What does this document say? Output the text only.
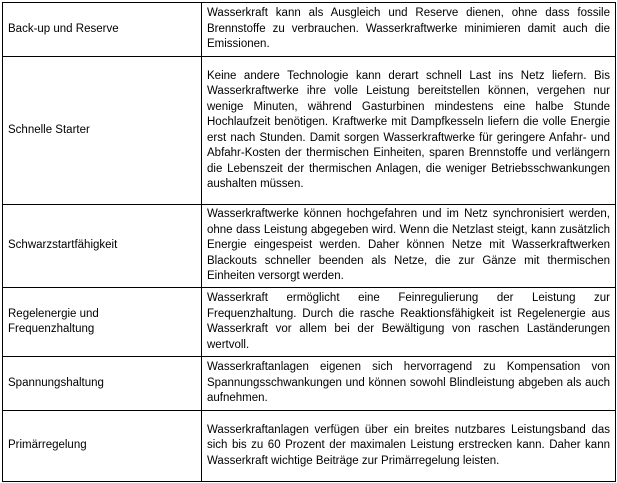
Back-up und Reserve	Wasserkraft kann als Ausgleich und Reserve dienen, ohne dass fossile Brennstoffe zu verbrauchen. Wasserkraftwerke minimieren damit auch die Emissionen.
Schnelle Starter	Keine andere Technologie kann derart schnell Last ins Netz liefern. Bis Wasserkraftwerke ihre volle Leistung bereitstellen können, vergehen nur wenige Minuten, während Gasturbinen mindestens eine halbe Stunde Hochlaufzeit benötigen. Kraftwerke mit Dampfkesseln liefern die volle Energie erst nach Stunden. Damit sorgen Wasserkraftwerke für geringere Anfahr- und Abfahr-Kosten der thermischen Einheiten, sparen Brennstoffe und verlängern die Lebenszeit der thermischen Anlagen, die weniger Betriebsschwankungen aushalten müssen.
Schwarzstartfähigkeit	Wasserkraftwerke können hochgefahren und im Netz synchronisiert werden, ohne dass Leistung abgegeben wird. Wenn die Netzlast steigt, kann zusätzlich Energie eingespeist werden. Daher können Netze mit Wasserkraftwerken Blackouts schneller beenden als Netze, die zur Gänze mit thermischen Einheiten versorgt werden.

Regelenergie und
Frequenzhaltung	Wasserkraft ermöglicht eine Feinregulierung der Leistung zur Frequenzhaltung. Durch die rasche Reaktionsfähigkeit ist Regelenergie aus Wasserkraft vor allem bei der Bewältigung von raschen Laständerungen wertvoll.
Spannungshaltung	Wasserkraftanlagen eigenen sich hervorragend zu Kompensation von Spannungsschwankungen und können sowohl Blindleistung abgeben als auch aufnehmen.
Primärregelung	Wasserkraftanlagen verfügen über ein breites nutzbares Leistungsband das sich bis zu 60 Prozent der maximalen Leistung erstrecken kann. Daher kann Wasserkraft wichtige Beiträge zur Primärregelung leisten.
